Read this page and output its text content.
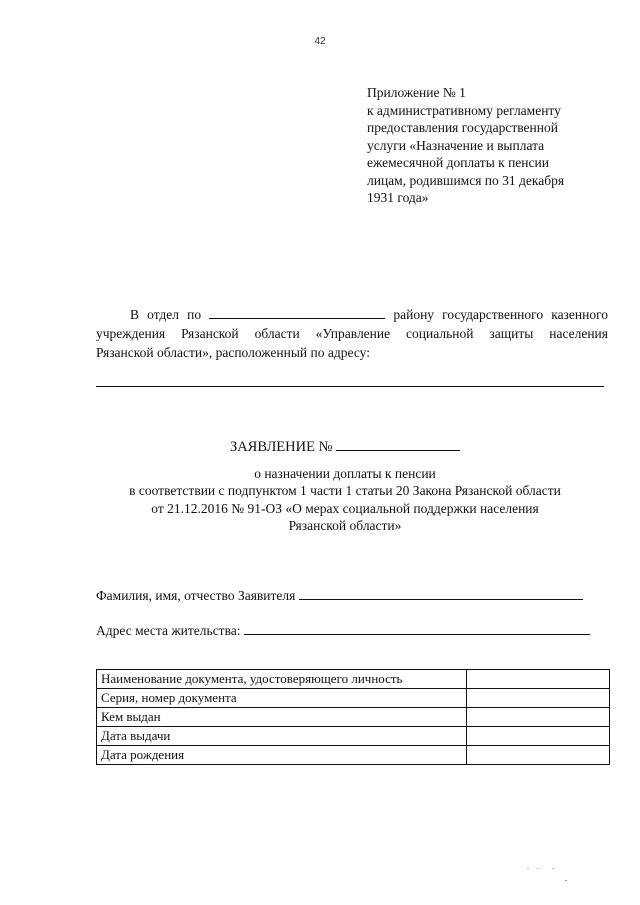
42
Приложение № 1
к административному регламенту
предоставления государственной
услуги «Назначение и выплата
ежемесячной доплаты к пенсии
лицам, родившимся по 31 декабря
1931 года»
В отдел по	району государственного казенного
учреждения Рязанской области «Управление социальной защиты населения
Рязанской области», расположенный по адресу:
ЗАЯВЛЕНИЕ №
о назначении доплаты к пенсии
в соответствии с подпунктом 1 части 1 статьи 20 Закона Рязанской области
от 21.12.2016 № 91-ОЗ «О мерах социальной поддержки населения
Рязанской области»
Фамилия, имя, отчество Заявителя
Адрес места жительства:
Наименование документа, удостоверяющего личность	
Серия, номер документа	
Кем выдан	
Дата выдачи	
Дата рождения	
